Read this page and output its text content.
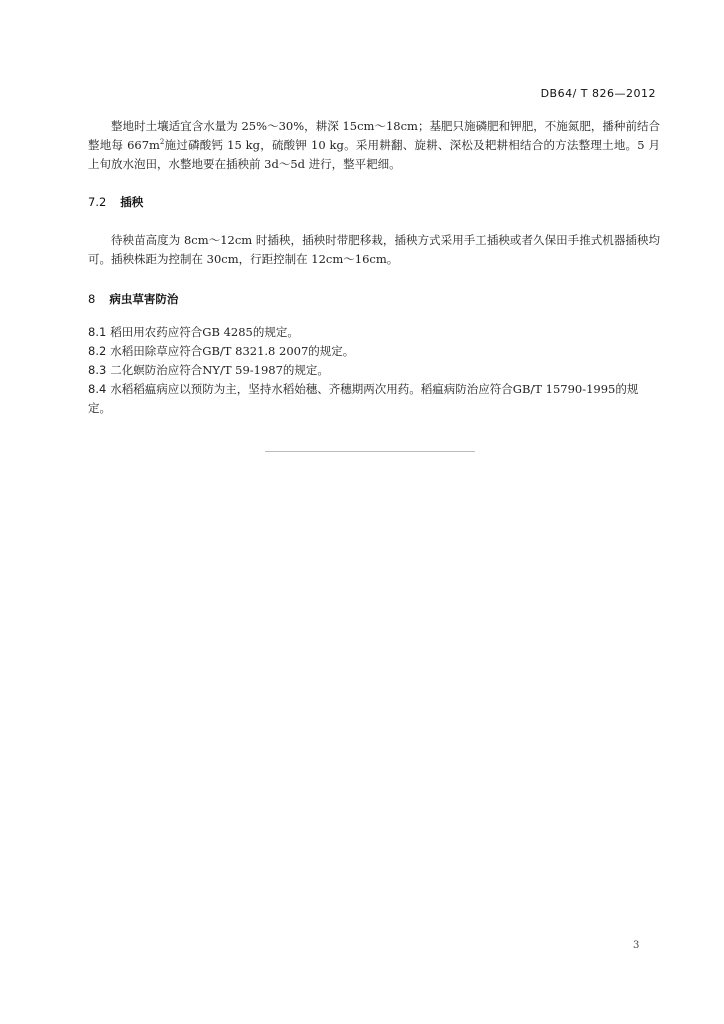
DB64/ T 826—2012

整地时土壤适宜含水量为 25%～30%，耕深 15cm～18cm；基肥只施磷肥和钾肥，不施氮肥，播种前结合整地每 $667m^2$施过磷酸钙 15 kg，硫酸钾 10 kg。采用耕翻、旋耕、深松及耙耕相结合的方法整理土地。5 月上旬放水泡田，水整地要在插秧前 3d～5d 进行，整平耙细。

7.2 插秧

待秧苗高度为 8cm～12cm 时插秧，插秧时带肥移栽，插秧方式采用手工插秧或者久保田手推式机器插秧均可。插秧株距为控制在 30cm，行距控制在 12cm～16cm。

8 病虫草害防治
8.1 稻田用农药应符合GB 4285的规定。
8.2 水稻田除草应符合GB/T 8321.8 2007的规定。
8.3 二化螟防治应符合NY/T 59-1987的规定。
8.4 水稻稻瘟病应以预防为主，坚持水稻始穗、齐穗期两次用药。稻瘟病防治应符合GB/T 15790-1995的规定。
3
